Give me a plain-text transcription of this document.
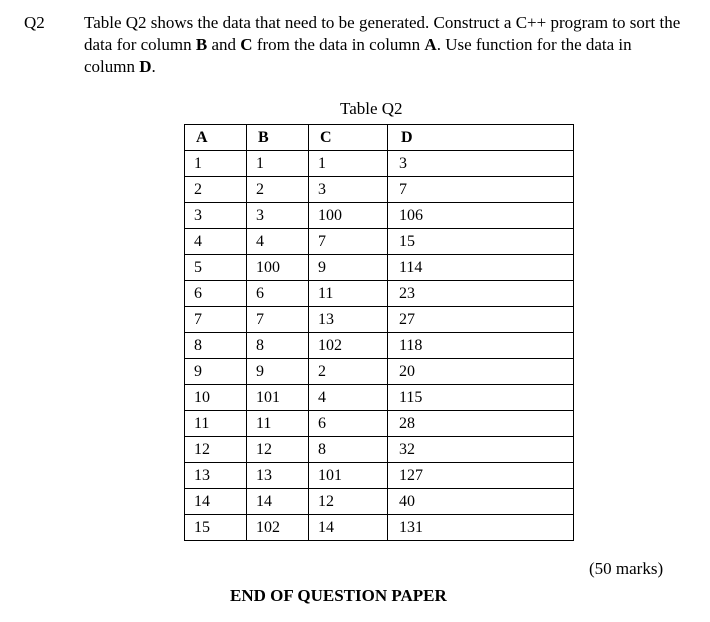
Q2 Table Q2 shows the data that need to be generated. Construct a C++ program to sort the data for column B and C from the data in column A. Use function for the data in column D.
Table Q2
A	B	C	D
1	1	1	3
2	2	3	7
3	3	100	106
4	4	7	15
5	100	9	114
6	6	11	23
7	7	13	27
8	8	102	118
9	9	2	20
10	101	4	115
11	11	6	28
12	12	8	32
13	13	101	127
14	14	12	40
15	102	14	131
(50 marks)
END OF QUESTION PAPER
